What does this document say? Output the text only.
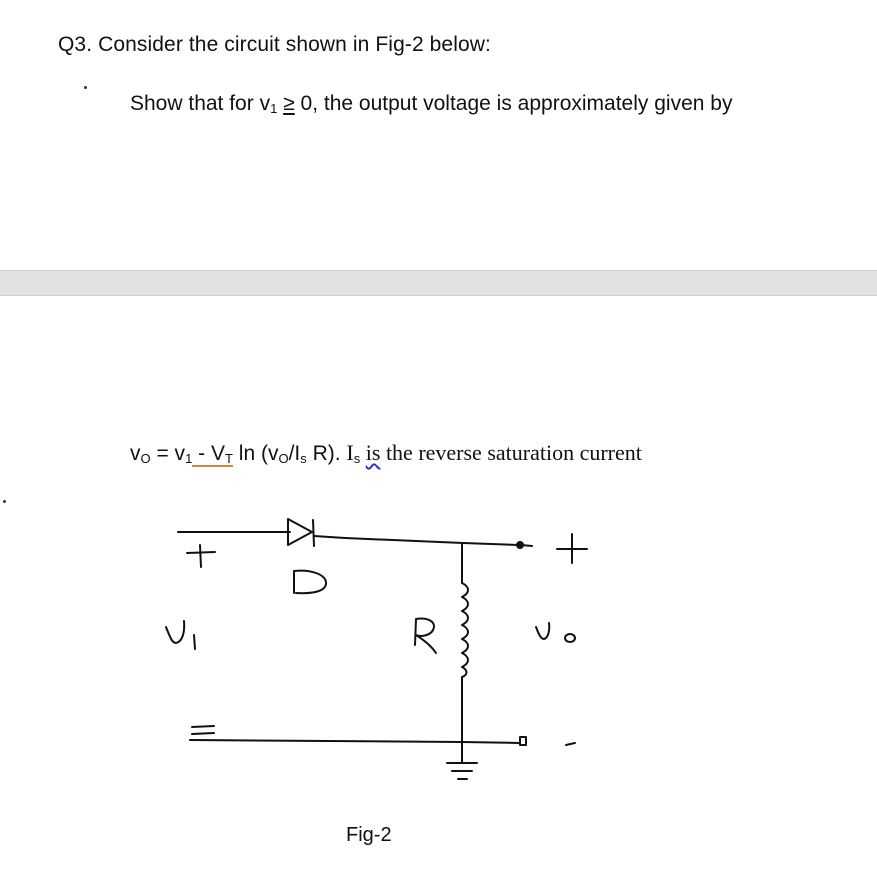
Q3. Consider the circuit shown in Fig-2 below:
Show that for $v_1 \ge 0$, the output voltage is approximately given by
$v_O = v_1 - V_T$ $\ln (v_O/I_s$ R). $I_s$ is the reverse saturation current
Fig-2
